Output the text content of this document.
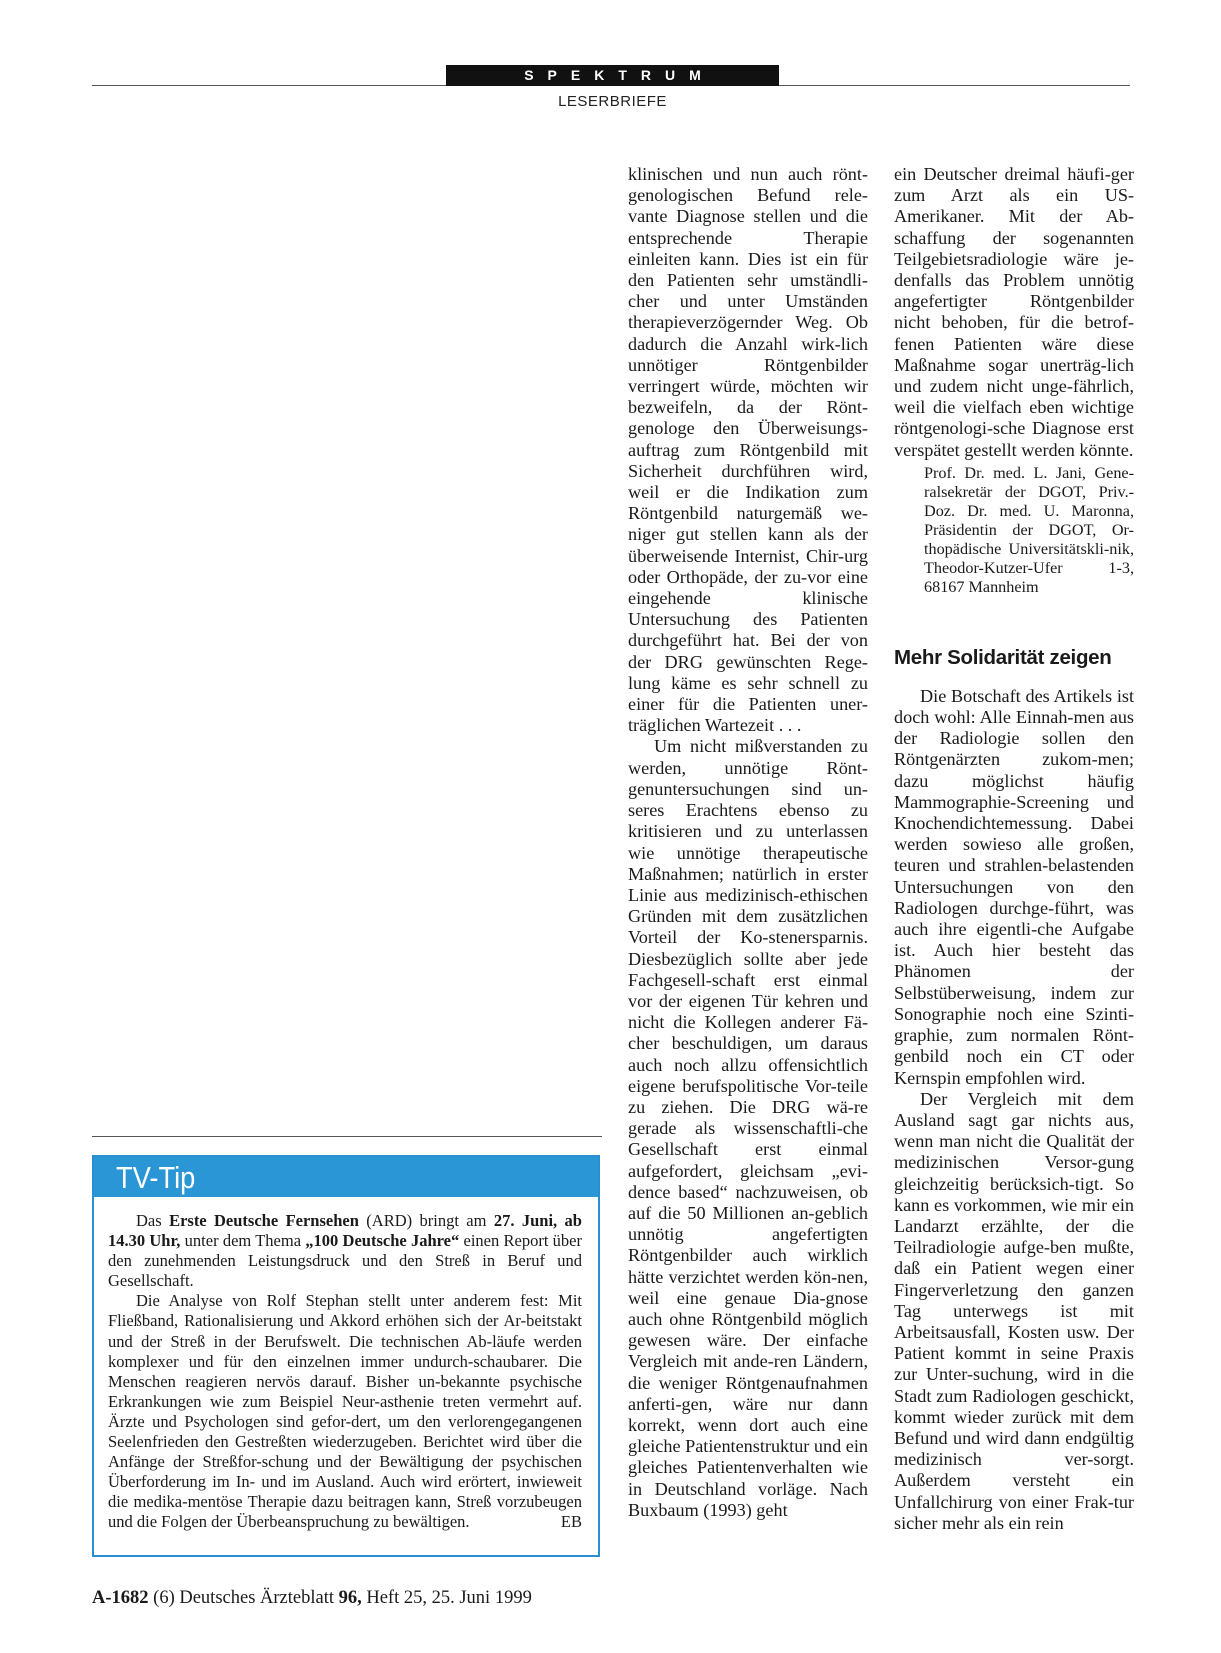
SPEKTRUM
LESERBRIEFE

klinischen und nun auch rönt-genologischen Befund rele-vante Diagnose stellen und die entsprechende Therapie einleiten kann. Dies ist ein für den Patienten sehr umständli-cher und unter Umständen therapieverzögernder Weg. Ob dadurch die Anzahl wirk-lich unnötiger Röntgenbilder verringert würde, möchten wir bezweifeln, da der Rönt-genologe den Überweisungs-auftrag zum Röntgenbild mit Sicherheit durchführen wird, weil er die Indikation zum Röntgenbild naturgemäß we-niger gut stellen kann als der überweisende Internist, Chir-urg oder Orthopäde, der zu-vor eine eingehende klinische Untersuchung des Patienten durchgeführt hat. Bei der von der DRG gewünschten Rege-lung käme es sehr schnell zu einer für die Patienten uner-träglichen Wartezeit . . .

Um nicht mißverstanden zu werden, unnötige Rönt-genuntersuchungen sind un-seres Erachtens ebenso zu kritisieren und zu unterlassen wie unnötige therapeutische Maßnahmen; natürlich in erster Linie aus medizinisch-ethischen Gründen mit dem zusätzlichen Vorteil der Ko-stenersparnis. Diesbezüglich sollte aber jede Fachgesell-schaft erst einmal vor der eigenen Tür kehren und nicht die Kollegen anderer Fä-cher beschuldigen, um daraus auch noch allzu offensichtlich eigene berufspolitische Vor-teile zu ziehen. Die DRG wä-re gerade als wissenschaftli-che Gesellschaft erst einmal aufgefordert, gleichsam „evi-dence based“ nachzuweisen, ob auf die 50 Millionen an-geblich unnötig angefertigten Röntgenbilder auch wirklich hätte verzichtet werden kön-nen, weil eine genaue Dia-gnose auch ohne Röntgenbild möglich gewesen wäre. Der einfache Vergleich mit ande-ren Ländern, die weniger Röntgenaufnahmen anferti-gen, wäre nur dann korrekt, wenn dort auch eine gleiche Patientenstruktur und ein gleiches Patientenverhalten wie in Deutschland vorläge. Nach Buxbaum (1993) geht

ein Deutscher dreimal häufi-ger zum Arzt als ein US-Amerikaner. Mit der Ab-schaffung der sogenannten Teilgebietsradiologie wäre je-denfalls das Problem unnötig angefertigter Röntgenbilder nicht behoben, für die betrof-fenen Patienten wäre diese Maßnahme sogar unerträg-lich und zudem nicht unge-fährlich, weil die vielfach eben wichtige röntgenologi-sche Diagnose erst verspätet gestellt werden könnte.

Prof. Dr. med. L. Jani, Gene-ralsekretär der DGOT, Priv.-Doz. Dr. med. U. Maronna, Präsidentin der DGOT, Or-thopädische Universitätskli-nik, Theodor-Kutzer-Ufer 1-3, 68167 Mannheim
Mehr Solidarität zeigen

Die Botschaft des Artikels ist doch wohl: Alle Einnah-men aus der Radiologie sollen den Röntgenärzten zukom-men; dazu möglichst häufig Mammographie-Screening und Knochendichtemessung. Dabei werden sowieso alle großen, teuren und strahlen-belastenden Untersuchungen von den Radiologen durchge-führt, was auch ihre eigentli-che Aufgabe ist. Auch hier besteht das Phänomen der Selbstüberweisung, indem zur Sonographie noch eine Szinti-graphie, zum normalen Rönt-genbild noch ein CT oder Kernspin empfohlen wird.

Der Vergleich mit dem Ausland sagt gar nichts aus, wenn man nicht die Qualität der medizinischen Versor-gung gleichzeitig berücksich-tigt. So kann es vorkommen, wie mir ein Landarzt erzählte, der die Teilradiologie aufge-ben mußte, daß ein Patient wegen einer Fingerverletzung den ganzen Tag unterwegs ist mit Arbeitsausfall, Kosten usw. Der Patient kommt in seine Praxis zur Unter-suchung, wird in die Stadt zum Radiologen geschickt, kommt wieder zurück mit dem Befund und wird dann endgültig medizinisch ver-sorgt. Außerdem versteht ein Unfallchirurg von einer Frak-tur sicher mehr als ein rein

TV-Tip

Das Erste Deutsche Fernsehen (ARD) bringt am 27. Juni, ab 14.30 Uhr, unter dem Thema „100 Deutsche Jahre“ einen Report über den zunehmenden Leistungsdruck und den Streß in Beruf und Gesellschaft.

Die Analyse von Rolf Stephan stellt unter anderem fest: Mit Fließband, Rationalisierung und Akkord erhöhen sich der Ar-beitstakt und der Streß in der Berufswelt. Die technischen Ab-läufe werden komplexer und für den einzelnen immer undurch-schaubarer. Die Menschen reagieren nervös darauf. Bisher un-bekannte psychische Erkrankungen wie zum Beispiel Neur-asthenie treten vermehrt auf. Ärzte und Psychologen sind gefor-dert, um den verlorengegangenen Seelenfrieden den Gestreßten wiederzugeben. Berichtet wird über die Anfänge der Streßfor-schung und der Bewältigung der psychischen Überforderung im In- und im Ausland. Auch wird erörtert, inwieweit die medika-mentöse Therapie dazu beitragen kann, Streß vorzubeugen und die Folgen der Überbeanspruchung zu bewältigen.	EB

A-1682 (6) Deutsches Ärzteblatt 96, Heft 25, 25. Juni 1999
